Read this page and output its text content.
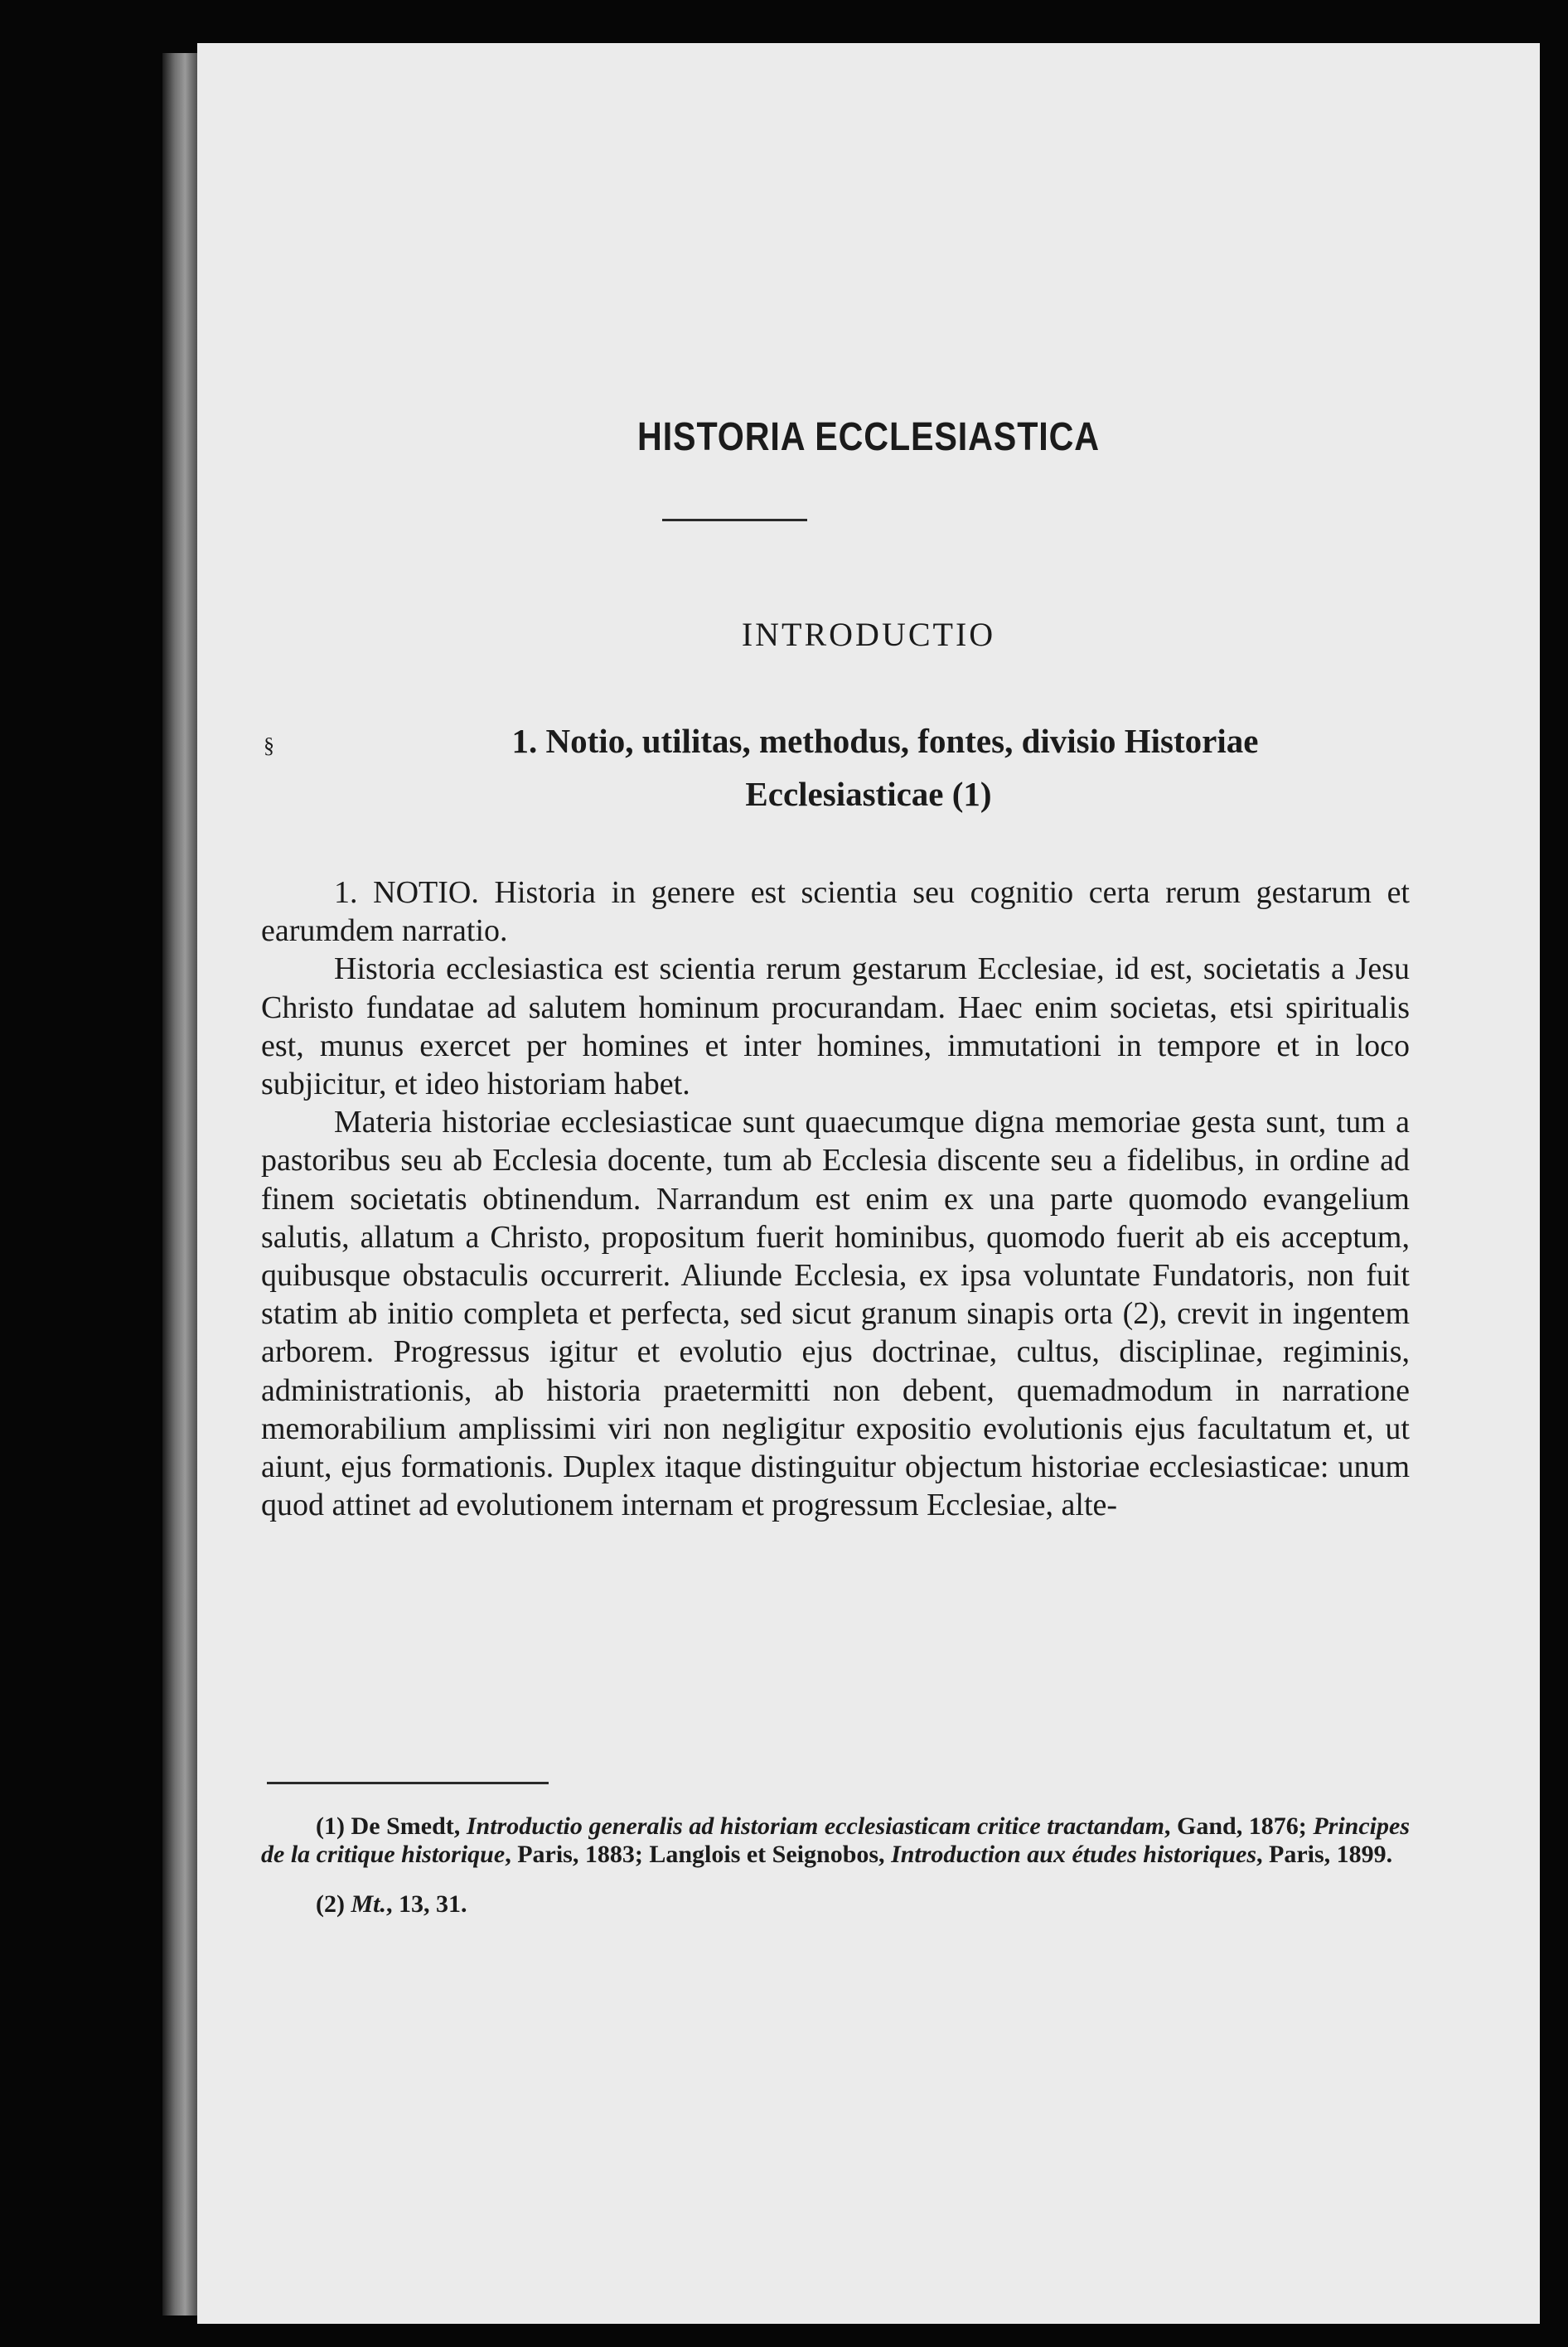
HISTORIA ECCLESIASTICA
INTRODUCTIO
§	1. Notio, utilitas, methodus, fontes, divisio Historiae
Ecclesiasticae (1)

1. NOTIO. Historia in genere est scientia seu cognitio certa rerum gestarum et earumdem narratio.

Historia ecclesiastica est scientia rerum gestarum Ecclesiae, id est, societatis a Jesu Christo fundatae ad salutem hominum procurandam. Haec enim societas, etsi spiritualis est, munus exercet per homines et inter homines, immutationi in tempore et in loco subjicitur, et ideo historiam habet.

Materia historiae ecclesiasticae sunt quaecumque digna memoriae gesta sunt, tum a pastoribus seu ab Ecclesia docente, tum ab Ecclesia discente seu a fidelibus, in ordine ad finem societatis obtinendum. Narrandum est enim ex una parte quomodo evangelium salutis, allatum a Christo, propositum fuerit hominibus, quomodo fuerit ab eis acceptum, quibusque obstaculis occurrerit. Aliunde Ecclesia, ex ipsa voluntate Fundatoris, non fuit statim ab initio completa et perfecta, sed sicut granum sinapis orta (2), crevit in ingentem arborem. Progressus igitur et evolutio ejus doctrinae, cultus, disciplinae, regiminis, administrationis, ab historia praetermitti non debent, quemadmodum in narratione memorabilium amplissimi viri non negligitur expositio evolutionis ejus facultatum et, ut aiunt, ejus formationis. Duplex itaque distinguitur objectum historiae ecclesiasticae: unum quod attinet ad evolutionem internam et progressum Ecclesiae, alte-

(1) De Smedt, Introductio generalis ad historiam ecclesiasticam critice tractandam, Gand, 1876; Principes de la critique historique, Paris, 1883; Langlois et Seignobos, Introduction aux études historiques, Paris, 1899.

(2) Mt., 13, 31.
